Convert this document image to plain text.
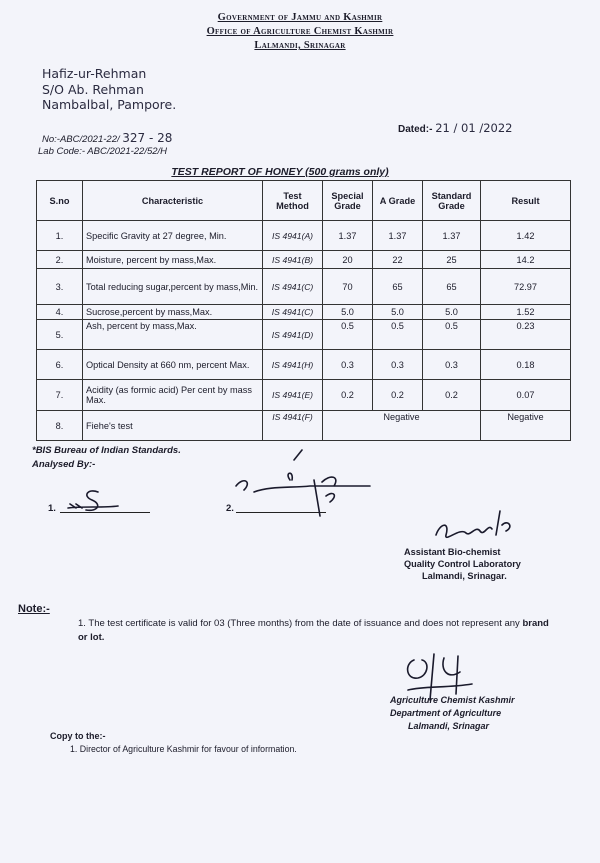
Government of Jammu and Kashmir
Office of Agriculture Chemist Kashmir
Lalmandi, Srinagar
Hafiz-ur-Rehman
S/O Ab. Rehman
Nambalbal, Pampore.
No:-ABC/2021-22/ 327 - 28
Lab Code:- ABC/2021-22/52/H
Dated:- 21 / 01 /2022
TEST REPORT OF HONEY (500 grams only)
S.no	Characteristic	Test Method	Special Grade	A Grade	Standard Grade	Result
1.	Specific Gravity at 27 degree, Min.	IS 4941(A)	1.37	1.37	1.37	1.42
2.	Moisture, percent by mass,Max.	IS 4941(B)	20	22	25	14.2
3.	Total reducing sugar,percent by mass,Min.	IS 4941(C)	70	65	65	72.97
4.	Sucrose,percent by mass,Max.	IS 4941(C)	5.0	5.0	5.0	1.52
5.	Ash, percent by mass,Max.	IS 4941(D)	0.5	0.5	0.5	0.23
6.	Optical Density at 660 nm, percent Max.	IS 4941(H)	0.3	0.3	0.3	0.18
7.	Acidity (as formic acid) Per cent by mass Max.	IS 4941(E)	0.2	0.2	0.2	0.07
8.	Fiehe's test	IS 4941(F)	Negative			Negative
*BIS Bureau of Indian Standards.
Analysed By:-
1.	2.
Assistant Bio-chemist
Quality Control Laboratory
Lalmandi, Srinagar.
Note:-
1. The test certificate is valid for 03 (Three months) from the date of issuance and does not represent any brand or lot.
Agriculture Chemist Kashmir
Department of Agriculture
Lalmandi, Srinagar
Copy to the:-
1. Director of Agriculture Kashmir for favour of information.
